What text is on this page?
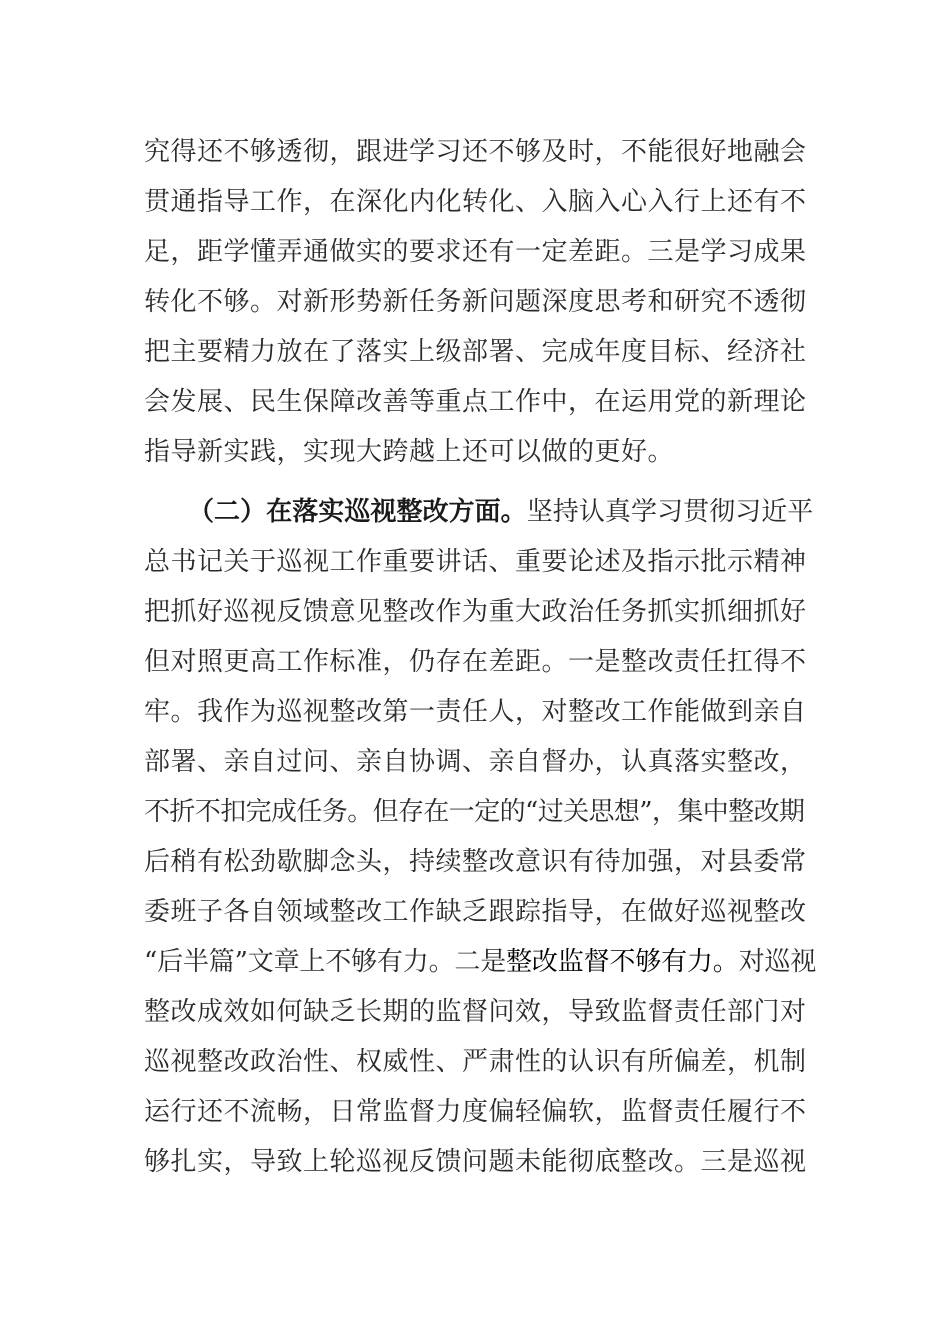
究得还不够透彻，跟进学习还不够及时，不能很好地融会
贯通指导工作，在深化内化转化、入脑入心入行上还有不
足，距学懂弄通做实的要求还有一定差距。三是学习成果
转化不够。对新形势新任务新问题深度思考和研究不透彻
把主要精力放在了落实上级部署、完成年度目标、经济社
会发展、民生保障改善等重点工作中，在运用党的新理论
指导新实践，实现大跨越上还可以做的更好。
（二）在落实巡视整改方面。坚持认真学习贯彻习近平
总书记关于巡视工作重要讲话、重要论述及指示批示精神
把抓好巡视反馈意见整改作为重大政治任务抓实抓细抓好
但对照更高工作标准，仍存在差距。一是整改责任扛得不
牢。我作为巡视整改第一责任人，对整改工作能做到亲自
部署、亲自过问、亲自协调、亲自督办，认真落实整改，
不折不扣完成任务。但存在一定的“过关思想”，集中整改期
后稍有松劲歇脚念头，持续整改意识有待加强，对县委常
委班子各自领域整改工作缺乏跟踪指导，在做好巡视整改
“后半篇”文章上不够有力。二是整改监督不够有力。对巡视
整改成效如何缺乏长期的监督问效，导致监督责任部门对
巡视整改政治性、权威性、严肃性的认识有所偏差，机制
运行还不流畅，日常监督力度偏轻偏软，监督责任履行不
够扎实，导致上轮巡视反馈问题未能彻底整改。三是巡视
